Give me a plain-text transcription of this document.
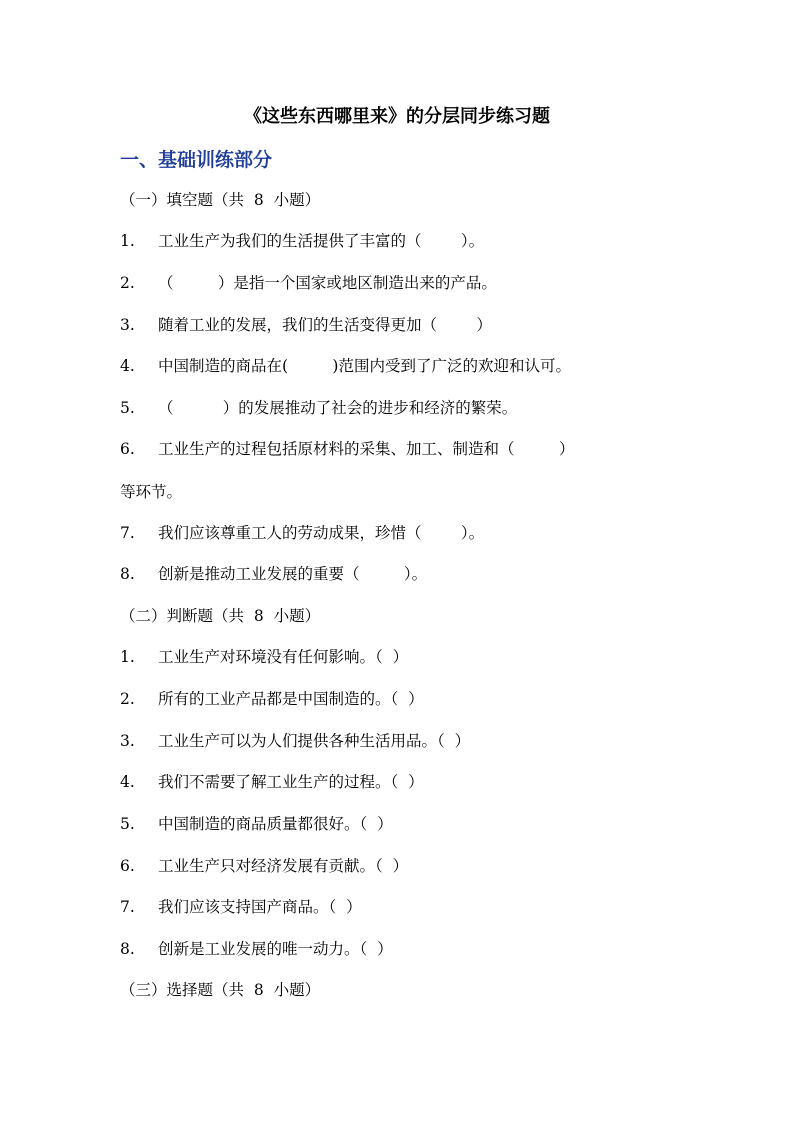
《这些东西哪里来》的分层同步练习题
一、基础训练部分
（一）填空题（共  8  小题）
1. 工业生产为我们的生活提供了丰富的（        ）。
2. （         ）是指一个国家或地区制造出来的产品。
3. 随着工业的发展，我们的生活变得更加（        ）
4. 中国制造的商品在(         )范围内受到了广泛的欢迎和认可。
5. （          ）的发展推动了社会的进步和经济的繁荣。
6. 工业生产的过程包括原材料的采集、加工、制造和（         ）
等环节。
7. 我们应该尊重工人的劳动成果，珍惜（        ）。
8. 创新是推动工业发展的重要（         ）。
（二）判断题（共  8  小题）
1. 工业生产对环境没有任何影响。（  ）
2. 所有的工业产品都是中国制造的。（  ）
3. 工业生产可以为人们提供各种生活用品。（  ）
4. 我们不需要了解工业生产的过程。（  ）
5. 中国制造的商品质量都很好。（  ）
6. 工业生产只对经济发展有贡献。（  ）
7. 我们应该支持国产商品。（  ）
8. 创新是工业发展的唯一动力。（  ）
（三）选择题（共  8  小题）
